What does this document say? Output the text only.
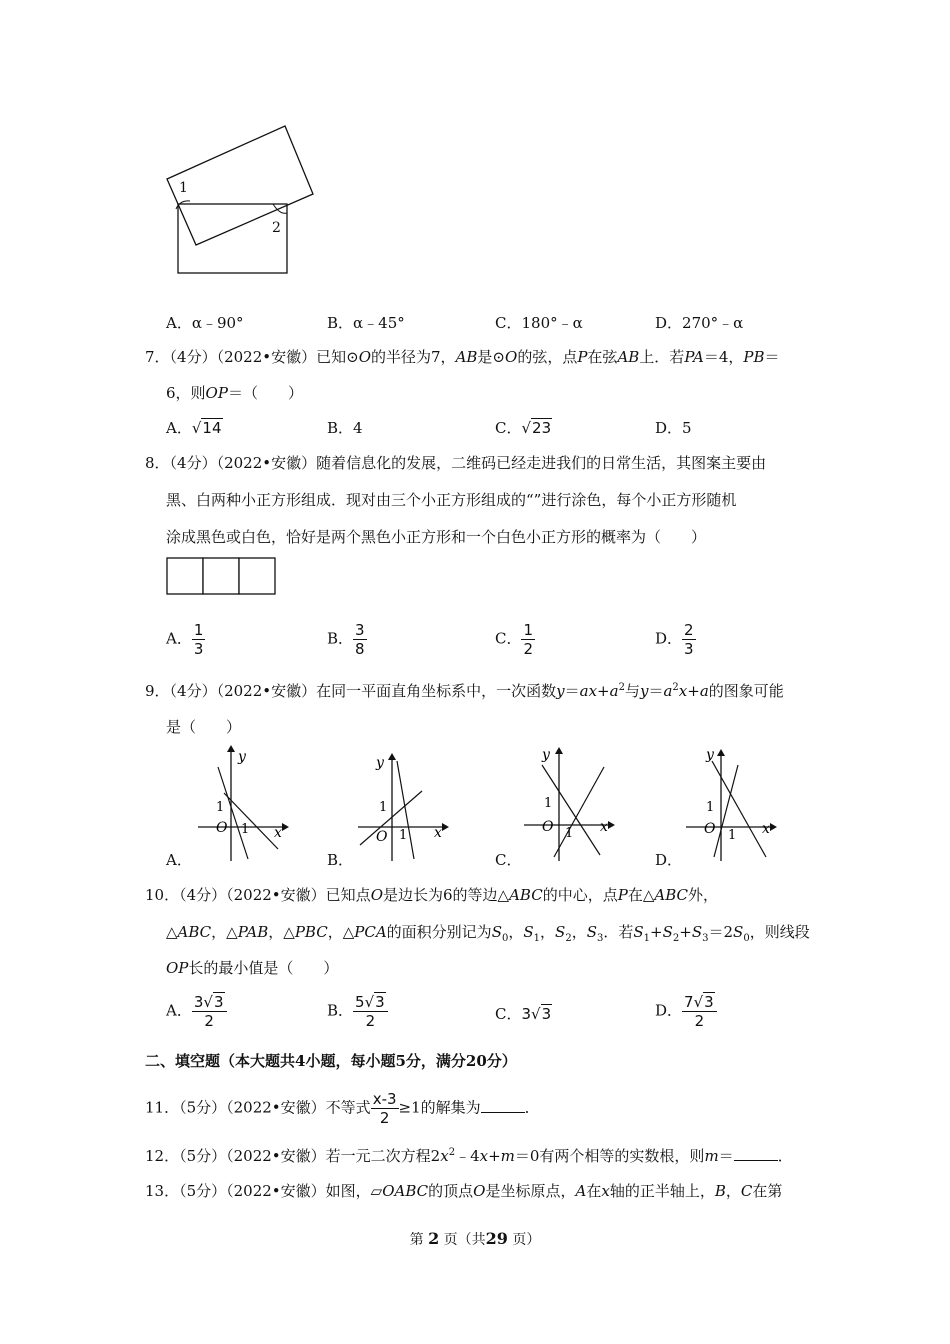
1
2
A．α﹣90°	B．α﹣45°	C．180°﹣α	D．270°﹣α
7．（4分）（2022•安徽）已知⊙O的半径为7，AB是⊙O的弦，点P在弦AB上．若PA＝4，PB＝
6，则OP＝（　　）
A．√14	B．4	C．√23	D．5
8．（4分）（2022•安徽）随着信息化的发展，二维码已经走进我们的日常生活，其图案主要由
黑、白两种小正方形组成．现对由三个小正方形组成的“”进行涂色，每个小正方形随机
涂成黑色或白色，恰好是两个黑色小正方形和一个白色小正方形的概率为（　　）
A． $\frac{1}{3}$	B． $\frac{3}{8}$	C． $\frac{1}{2}$	D． $\frac{2}{3}$
9．（4分）（2022•安徽）在同一平面直角坐标系中，一次函数$y=ax+a^2$与$y=a^2x+a$的图象可能
是（　　）
y
x
O
1
1
y
x
O
1
1
y
x
O
1
1
y
x
O
1
1
A．	B．	C．	D．
10．（4分）（2022•安徽）已知点O是边长为6的等边△ABC的中心，点P在△ABC外，
△ABC，△PAB，△PBC，△PCA的面积分别记为$S_0$，$S_1$，$S_2$，$S_3$．若$S_1+S_2+S_3=2S_0$，则线段
OP长的最小值是（　　）
A． $\frac{3√3}{2}$	B． $\frac{5√3}{2}$	C．3√3	D． $\frac{7√3}{2}$
二、填空题（本大题共4小题，每小题5分，满分20分）
11．（5分）（2022•安徽）不等式 $\frac{x-3}{2} \ge 1$的解集为	．
12．（5分）（2022•安徽）若一元二次方程$2x^2﹣4x+m=0$有两个相等的实数根，则m＝	．
13．（5分）（2022•安徽）如图，▱OABC的顶点O是坐标原点，A在x轴的正半轴上，B，C在第
第 2 页（共29 页）
